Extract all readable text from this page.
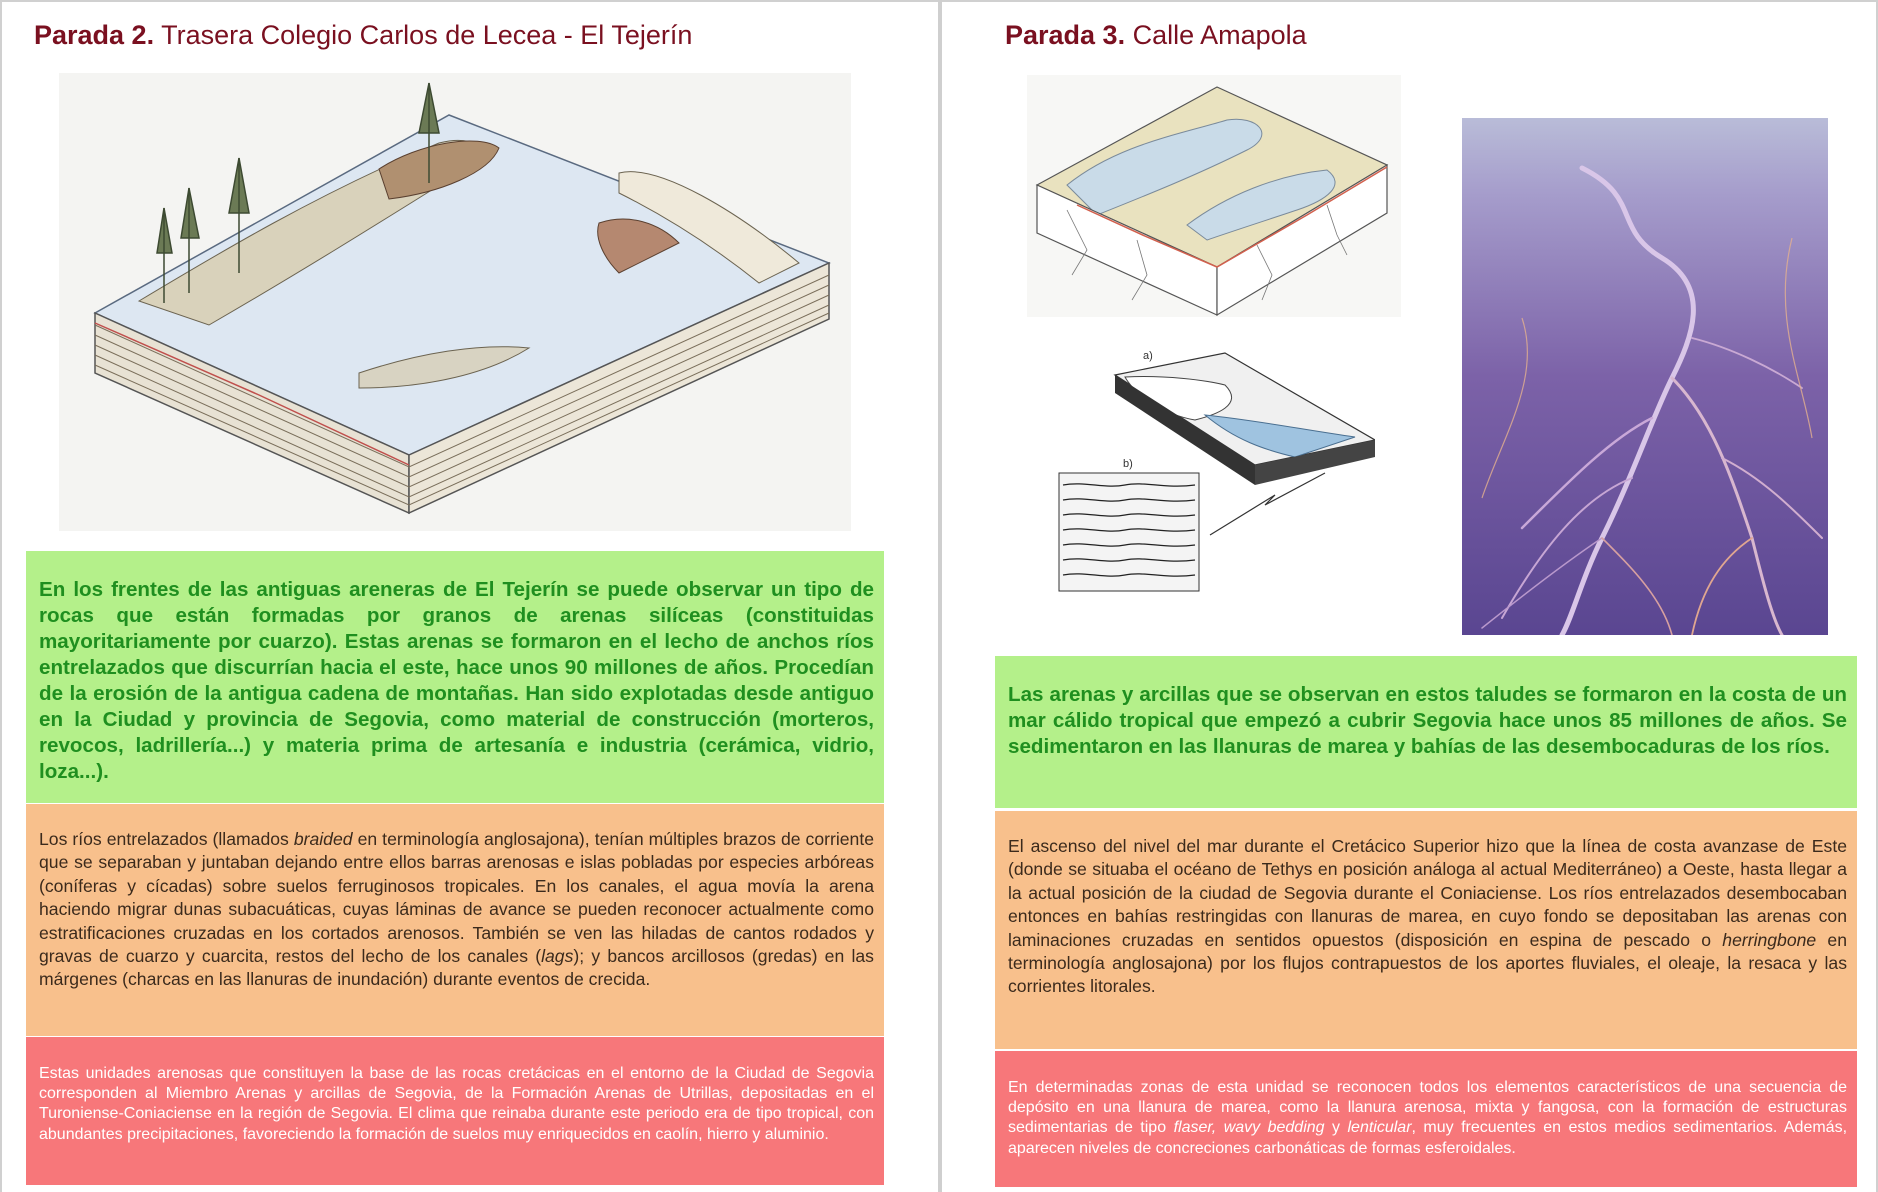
Parada 2. Trasera Colegio Carlos de Lecea - El Tejerín
En los frentes de las antiguas areneras de El Tejerín se puede observar un tipo de rocas que están formadas por granos de arenas silíceas (constituidas mayoritariamente por cuarzo). Estas arenas se formaron en el lecho de anchos ríos entrelazados que discurrían hacia el este, hace unos 90 millones de años. Procedían de la erosión de la antigua cadena de montañas. Han sido explotadas desde antiguo en la Ciudad y provincia de Segovia, como material de construcción (morteros, revocos, ladrillería...) y materia prima de artesanía e industria (cerámica, vidrio, loza...).
Los ríos entrelazados (llamados braided en terminología anglosajona), tenían múltiples brazos de corriente que se separaban y juntaban dejando entre ellos barras arenosas e islas pobladas por especies arbóreas (coníferas y cícadas) sobre suelos ferruginosos tropicales. En los canales, el agua movía la arena haciendo migrar dunas subacuáticas, cuyas láminas de avance se pueden reconocer actualmente como estratificaciones cruzadas en los cortados arenosos. También se ven las hiladas de cantos rodados y gravas de cuarzo y cuarcita, restos del lecho de los canales (lags); y bancos arcillosos (gredas) en las márgenes (charcas en las llanuras de inundación) durante eventos de crecida.
Estas unidades arenosas que constituyen la base de las rocas cretácicas en el entorno de la Ciudad de Segovia corresponden al Miembro Arenas y arcillas de Segovia, de la Formación Arenas de Utrillas, depositadas en el Turoniense-Coniaciense en la región de Segovia. El clima que reinaba durante este periodo era de tipo tropical, con abundantes precipitaciones, favoreciendo la formación de suelos muy enriquecidos en caolín, hierro y aluminio.
Parada 3. Calle Amapola
a)
b)
Las arenas y arcillas que se observan en estos taludes se formaron en la costa de un mar cálido tropical que empezó a cubrir Segovia hace unos 85 millones de años. Se sedimentaron en las llanuras de marea y bahías de las desembocaduras de los ríos.
El ascenso del nivel del mar durante el Cretácico Superior hizo que la línea de costa avanzase de Este (donde se situaba el océano de Tethys en posición análoga al actual Mediterráneo) a Oeste, hasta llegar a la actual posición de la ciudad de Segovia durante el Coniaciense. Los ríos entrelazados desembocaban entonces en bahías restringidas con llanuras de marea, en cuyo fondo se depositaban las arenas con laminaciones cruzadas en sentidos opuestos (disposición en espina de pescado o herringbone en terminología anglosajona) por los flujos contrapuestos de los aportes fluviales, el oleaje, la resaca y las corrientes litorales.
En determinadas zonas de esta unidad se reconocen todos los elementos característicos de una secuencia de depósito en una llanura de marea, como la llanura arenosa, mixta y fangosa, con la formación de estructuras sedimentarias de tipo flaser, wavy bedding y lenticular, muy frecuentes en estos medios sedimentarios. Además, aparecen niveles de concreciones carbonáticas de formas esferoidales.
